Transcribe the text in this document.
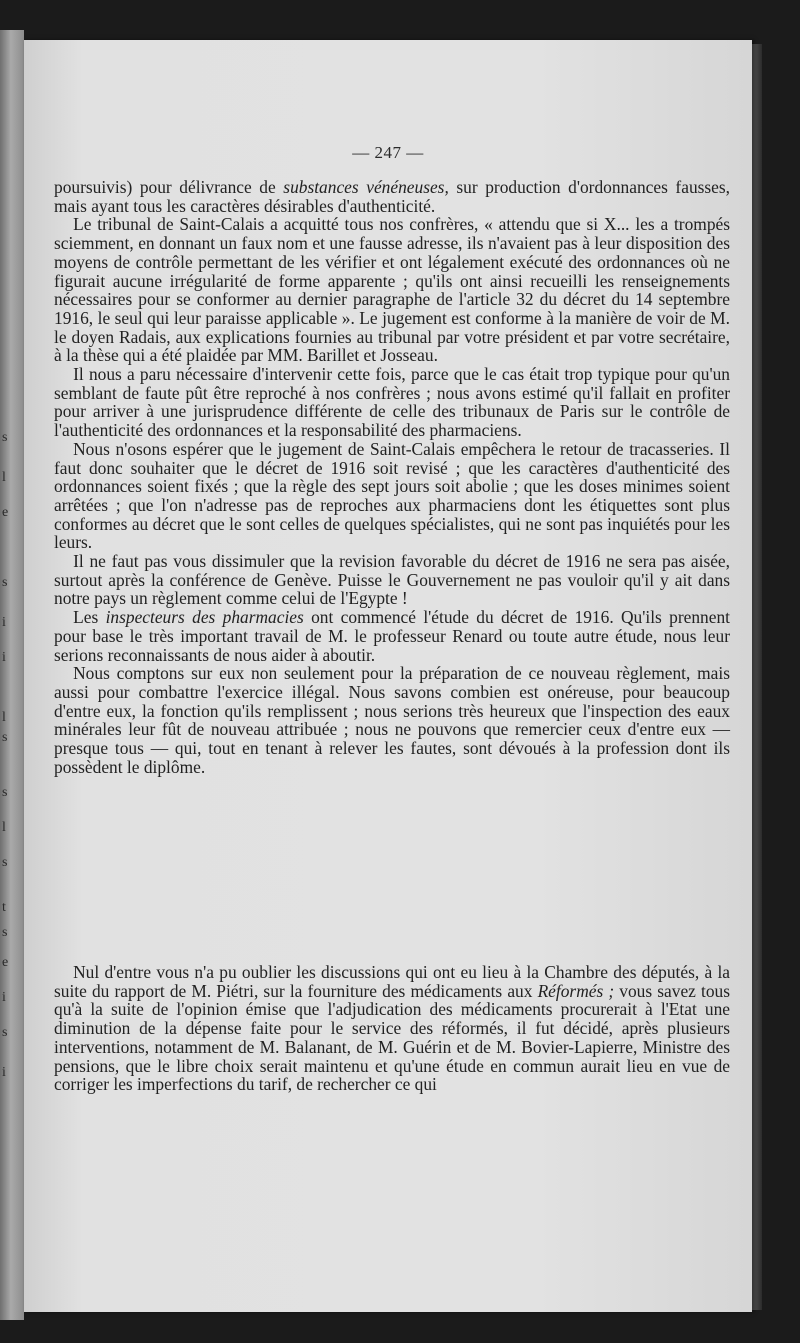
s
l
e
s
i
i
l
s
s
l
s
t
s
e
i
s
i
— 247 —

poursuivis) pour délivrance de substances vénéneuses, sur production d'ordonnances fausses, mais ayant tous les caractères désirables d'authenticité.

Le tribunal de Saint-Calais a acquitté tous nos confrères, « attendu que si X... les a trompés sciemment, en donnant un faux nom et une fausse adresse, ils n'avaient pas à leur disposition des moyens de contrôle permettant de les vérifier et ont légalement exécuté des ordonnances où ne figurait aucune irrégularité de forme apparente ; qu'ils ont ainsi recueilli les renseignements nécessaires pour se conformer au dernier paragraphe de l'article 32 du décret du 14 septembre 1916, le seul qui leur paraisse applicable ». Le jugement est conforme à la manière de voir de M. le doyen Radais, aux explications fournies au tribunal par votre président et par votre secrétaire, à la thèse qui a été plaidée par MM. Barillet et Josseau.

Il nous a paru nécessaire d'intervenir cette fois, parce que le cas était trop typique pour qu'un semblant de faute pût être reproché à nos confrères ; nous avons estimé qu'il fallait en profiter pour arriver à une jurisprudence différente de celle des tribunaux de Paris sur le contrôle de l'authenticité des ordonnances et la responsabilité des pharmaciens.

Nous n'osons espérer que le jugement de Saint-Calais empêchera le retour de tracasseries. Il faut donc souhaiter que le décret de 1916 soit revisé ; que les caractères d'authenticité des ordonnances soient fixés ; que la règle des sept jours soit abolie ; que les doses minimes soient arrêtées ; que l'on n'adresse pas de reproches aux pharmaciens dont les étiquettes sont plus conformes au décret que le sont celles de quelques spécialistes, qui ne sont pas inquiétés pour les leurs.

Il ne faut pas vous dissimuler que la revision favorable du décret de 1916 ne sera pas aisée, surtout après la conférence de Genève. Puisse le Gouvernement ne pas vouloir qu'il y ait dans notre pays un règlement comme celui de l'Egypte !

Les inspecteurs des pharmacies ont commencé l'étude du décret de 1916. Qu'ils prennent pour base le très important travail de M. le professeur Renard ou toute autre étude, nous leur serions reconnaissants de nous aider à aboutir.

Nous comptons sur eux non seulement pour la préparation de ce nouveau règlement, mais aussi pour combattre l'exercice illégal. Nous savons combien est onéreuse, pour beaucoup d'entre eux, la fonction qu'ils remplissent ; nous serions très heureux que l'inspection des eaux minérales leur fût de nouveau attribuée ; nous ne pouvons que remercier ceux d'entre eux — presque tous — qui, tout en tenant à relever les fautes, sont dévoués à la profession dont ils possèdent le diplôme.

Nul d'entre vous n'a pu oublier les discussions qui ont eu lieu à la Chambre des députés, à la suite du rapport de M. Piétri, sur la fourniture des médicaments aux Réformés ; vous savez tous qu'à la suite de l'opinion émise que l'adjudication des médicaments procurerait à l'Etat une diminution de la dépense faite pour le service des réformés, il fut décidé, après plusieurs interventions, notamment de M. Balanant, de M. Guérin et de M. Bovier-Lapierre, Ministre des pensions, que le libre choix serait maintenu et qu'une étude en commun aurait lieu en vue de corriger les imperfections du tarif, de rechercher ce qui
